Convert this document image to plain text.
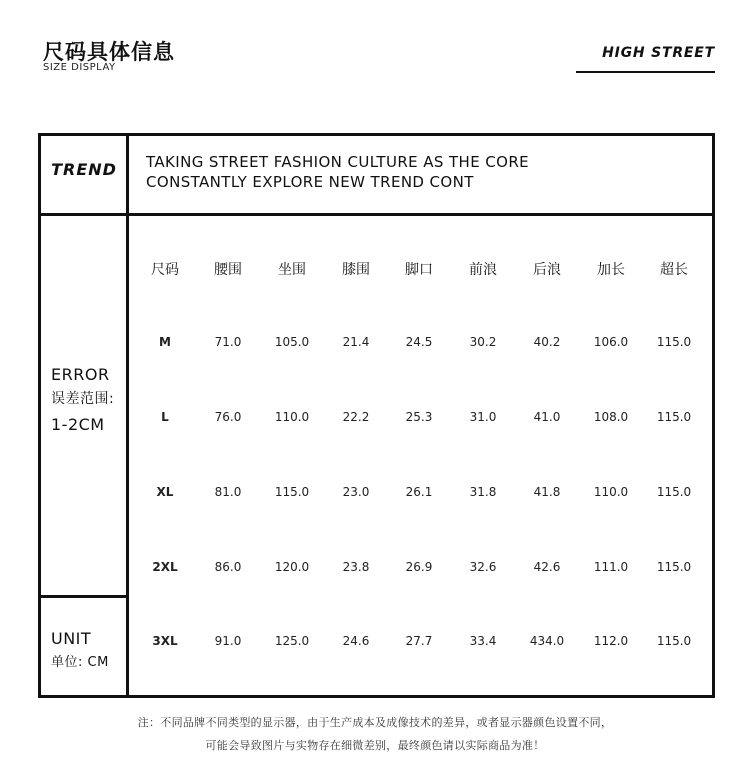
尺码具体信息
SIZE DISPLAY
HIGH STREET
TREND	TAKING STREET FASHION CULTURE AS THE CORE
CONSTANTLY EXPLORE NEW TREND CONT
ERROR
误差范围:
1-2CM
UNIT
单位: CM
尺码	腰围	坐围	膝围	脚口	前浪	后浪	加长	超长
M	71.0	105.0	21.4	24.5	30.2	40.2	106.0	115.0
L	76.0	110.0	22.2	25.3	31.0	41.0	108.0	115.0
XL	81.0	115.0	23.0	26.1	31.8	41.8	110.0	115.0
2XL	86.0	120.0	23.8	26.9	32.6	42.6	111.0	115.0
3XL	91.0	125.0	24.6	27.7	33.4	434.0	112.0	115.0
注：不同品牌不同类型的显示器，由于生产成本及成像技术的差异，或者显示器颜色设置不同，
可能会导致图片与实物存在细微差别，最终颜色请以实际商品为准！
